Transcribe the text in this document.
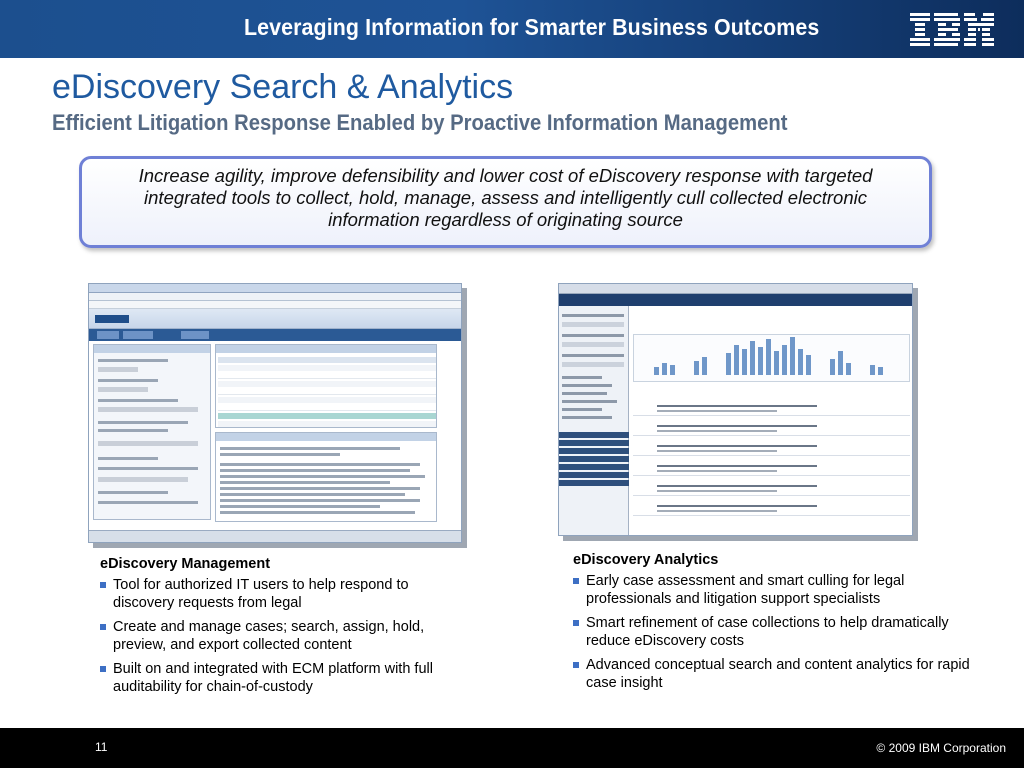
Leveraging Information for Smarter Business Outcomes
eDiscovery Search & Analytics
Efficient Litigation Response Enabled by Proactive Information Management

Increase agility, improve defensibility and lower cost of eDiscovery response with targeted integrated tools to collect, hold, manage, assess and intelligently cull collected electronic information regardless of originating source

eDiscovery Management
Tool for authorized IT users to help respond to discovery requests from legal
Create and manage cases; search, assign, hold, preview, and export collected content
Built on and integrated with ECM platform with full auditability for chain-of-custody
eDiscovery Analytics
Early case assessment and smart culling for legal professionals and litigation support specialists
Smart refinement of case collections to help dramatically reduce eDiscovery costs
Advanced conceptual search and content analytics for rapid case insight
11	© 2009 IBM Corporation
